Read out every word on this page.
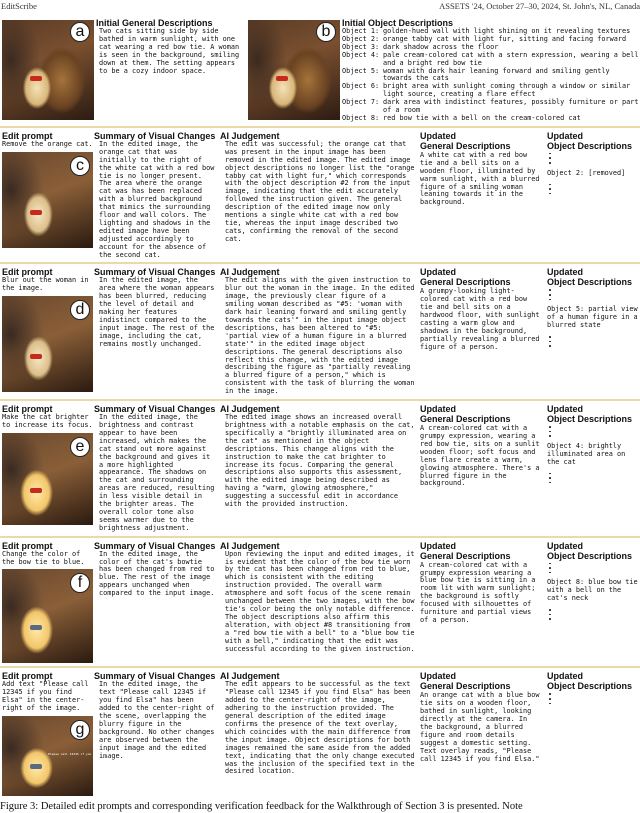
EditScribe	ASSETS '24, October 27–30, 2024, St. John's, NL, Canada
a	Initial General Descriptions
Two cats sitting side by side bathed in warm sunlight, with one cat wearing a red bow tie. A woman is seen in the background, smiling down at them. The setting appears to be a cozy indoor space.
b	Initial Object Descriptions
Object 1: golden-hued wall with light shining on it revealing textures
Object 2: orange tabby cat with light fur, sitting and facing forward
Object 3: dark shadow across the floor
Object 4: pale cream-colored cat with a stern expression, wearing a bell and a bright red bow tie
Object 5: woman with dark hair leaning forward and smiling gently towards the cats
Object 6: bright area with sunlight coming through a window or similar light source, creating a flare effect
Object 7: dark area with indistinct features, possibly furniture or part of a room
Object 8: red bow tie with a bell on the cream-colored cat
Edit prompt
Remove the orange cat.
c
Summary of Visual Changes
In the edited image, the orange cat that was initially to the right of the white cat with a red bow tie is no longer present. The area where the orange cat was has been replaced with a blurred background that mimics the surrounding floor and wall colors. The lighting and shadows in the edited image have been adjusted accordingly to account for the absence of the second cat.
AI Judgement
The edit was successful; the orange cat that was present in the input image has been removed in the edited image. The edited image object descriptions no longer list the "orange tabby cat with light fur," which corresponds with the object description #2 from the input image, indicating that the edit accurately followed the instruction given. The general description of the edited image now only mentions a single white cat with a red bow tie, whereas the input image described two cats, confirming the removal of the second cat.
Updated
General Descriptions
A white cat with a red bow tie and a bell sits on a wooden floor, illuminated by warm sunlight, with a blurred figure of a smiling woman leaning towards it in the background.
Updated
Object Descriptions
Object 2: [removed]
Edit prompt
Blur out the woman in the image.
d
Summary of Visual Changes
In the edited image, the area where the woman appears has been blurred, reducing the level of detail and making her features indistinct compared to the input image. The rest of the image, including the cat, remains mostly unchanged.
AI Judgement
The edit aligns with the given instruction to blur out the woman in the image. In the edited image, the previously clear figure of a smiling woman described as "#5: 'woman with dark hair leaning forward and smiling gently towards the cats'" in the input image object descriptions, has been altered to "#5: 'partial view of a human figure in a blurred state'" in the edited image object descriptions. The general descriptions also reflect this change, with the edited image describing the figure as "partially revealing a blurred figure of a person," which is consistent with the task of blurring the woman in the image.
Updated
General Descriptions
A grumpy-looking light-colored cat with a red bow tie and bell sits on a hardwood floor, with sunlight casting a warm glow and shadows in the background, partially revealing a blurred figure of a person.
Updated
Object Descriptions
Object 5: partial view of a human figure in a blurred state
Edit prompt
Make the cat brighter to increase its focus.
e
Summary of Visual Changes
In the edited image, the brightness and contrast appear to have been increased, which makes the cat stand out more against the background and gives it a more highlighted appearance. The shadows on the cat and surrounding areas are reduced, resulting in less visible detail in the brighter areas. The overall color tone also seems warmer due to the brightness adjustment.
AI Judgement
The edited image shows an increased overall brightness with a notable emphasis on the cat, specifically a "brightly illuminated area on the cat" as mentioned in the object descriptions. This change aligns with the instruction to make the cat brighter to increase its focus. Comparing the general descriptions also supports this assessment, with the edited image being described as having a "warm, glowing atmosphere," suggesting a successful edit in accordance with the provided instruction.
Updated
General Descriptions
A cream-colored cat with a grumpy expression, wearing a red bow tie, sits on a sunlit wooden floor; soft focus and lens flare create a warm, glowing atmosphere. There's a blurred figure in the background.
Updated
Object Descriptions
Object 4: brightly illuminated area on the cat
Edit prompt
Change the color of the bow tie to blue.
f
Summary of Visual Changes
In the edited image, the color of the cat's bowtie has been changed from red to blue. The rest of the image appears unchanged when compared to the input image.
AI Judgement
Upon reviewing the input and edited images, it is evident that the color of the bow tie worn by the cat has been changed from red to blue, which is consistent with the editing instruction provided. The overall warm atmosphere and soft focus of the scene remain unchanged between the two images, with the bow tie's color being the only notable difference. The object descriptions also affirm this alteration, with object #8 transitioning from a "red bow tie with a bell" to a "blue bow tie with a bell," indicating that the edit was successful according to the given instruction.
Updated
General Descriptions
A cream-colored cat with a grumpy expression wearing a blue bow tie is sitting in a room lit with warm sunlight; the background is softly focused with silhouettes of furniture and partial views of a person.
Updated
Object Descriptions
Object 8: blue bow tie with a bell on the cat's neck
Edit prompt
Add text "Please call 12345 if you find Elsa" in the center-right of the image.
Please call 12345 if you find Elsa
g
Summary of Visual Changes
In the edited image, the text "Please call 12345 if you find Elsa" has been added to the center-right of the scene, overlapping the blurry figure in the background. No other changes are observed between the input image and the edited image.
AI Judgement
The edit appears to be successful as the text "Please call 12345 if you find Elsa" has been added to the center-right of the image, adhering to the instruction provided. The general description of the edited image confirms the presence of the text overlay, which coincides with the main difference from the input image. Object descriptions for both images remained the same aside from the added text, indicating that the only change executed was the inclusion of the specified text in the desired location.
Updated
General Descriptions
An orange cat with a blue bow tie sits on a wooden floor, bathed in sunlight, looking directly at the camera. In the background, a blurred figure and room details suggest a domestic setting. Text overlay reads, "Please call 12345 if you find Elsa."
Updated
Object Descriptions
Figure 3: Detailed edit prompts and corresponding verification feedback for the Walkthrough of Section 3 is presented. Note
